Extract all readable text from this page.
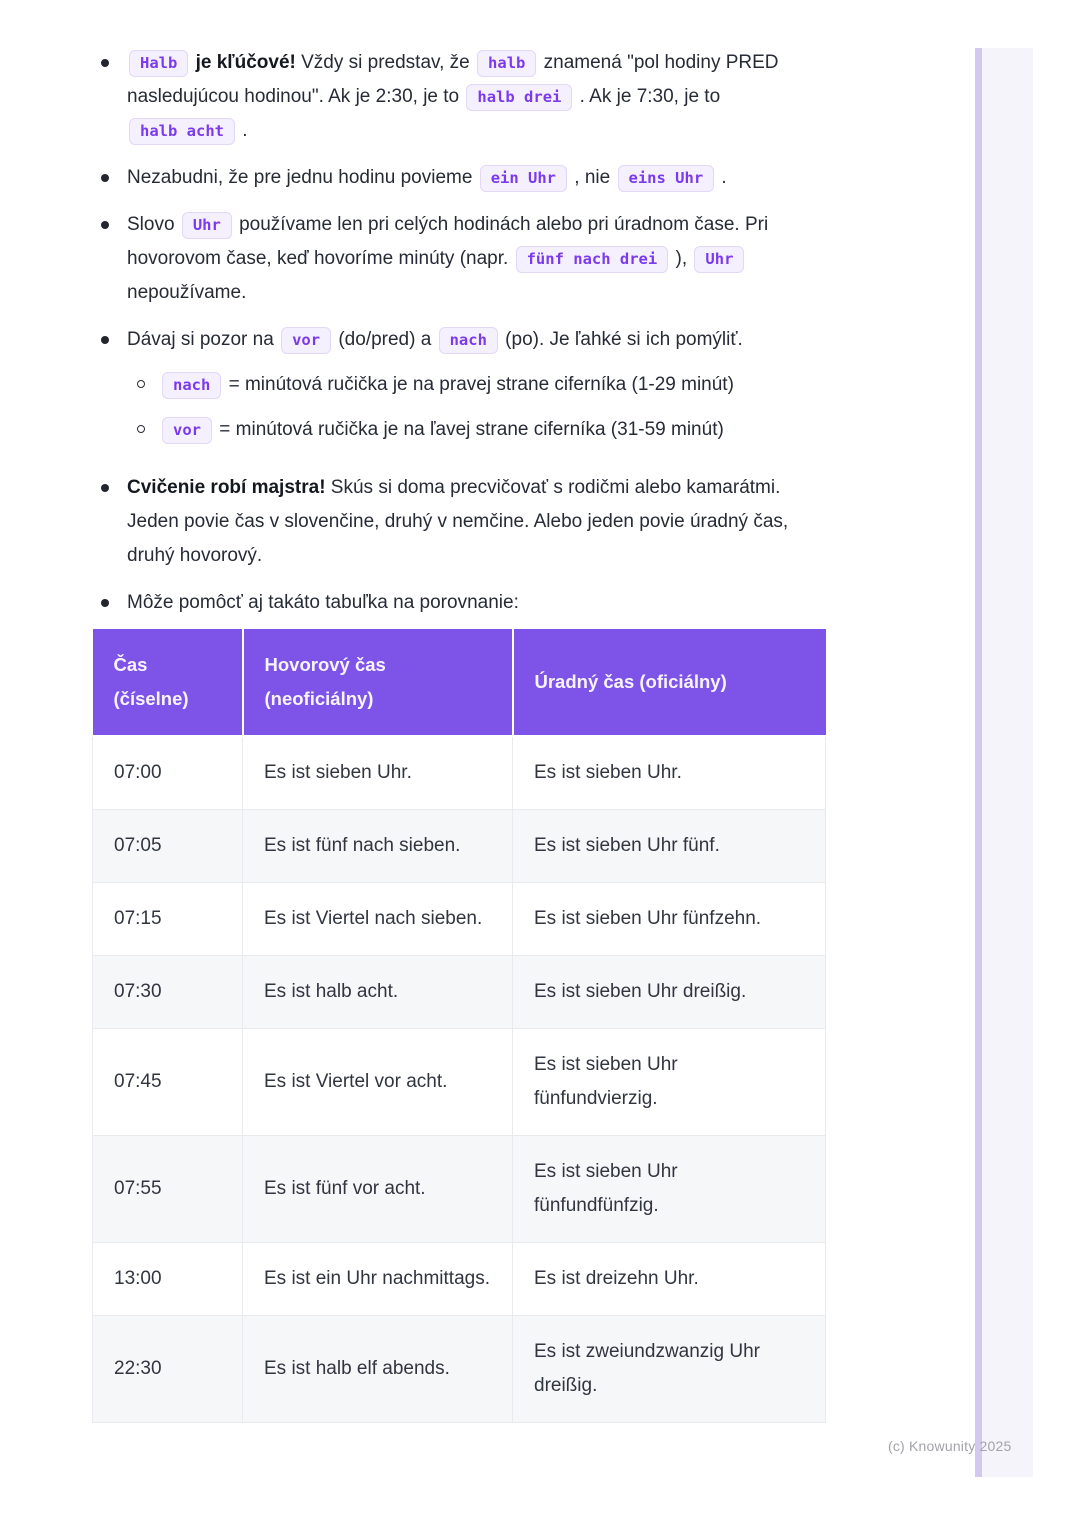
Halb je kľúčové! Vždy si predstav, že halb znamená "pol hodiny PRED nasledujúcou hodinou". Ak je 2:30, je to halb drei . Ak je 7:30, je to halb acht .
Nezabudni, že pre jednu hodinu povieme ein Uhr , nie eins Uhr .
Slovo Uhr používame len pri celých hodinách alebo pri úradnom čase. Pri hovorovom čase, keď hovoríme minúty (napr. fünf nach drei ), Uhr nepoužívame.
Dávaj si pozor na vor (do/pred) a nach (po). Je ľahké si ich pomýliť.
nach = minútová ručička je na pravej strane ciferníka (1-29 minút)
vor = minútová ručička je na ľavej strane ciferníka (31-59 minút)
Cvičenie robí majstra! Skús si doma precvičovať s rodičmi alebo kamarátmi. Jeden povie čas v slovenčine, druhý v nemčine. Alebo jeden povie úradný čas, druhý hovorový.
Môže pomôcť aj takáto tabuľka na porovnanie:
Čas (číselne)	Hovorový čas (neoficiálny)	Úradný čas (oficiálny)
07:00	Es ist sieben Uhr.	Es ist sieben Uhr.
07:05	Es ist fünf nach sieben.	Es ist sieben Uhr fünf.
07:15	Es ist Viertel nach sieben.	Es ist sieben Uhr fünfzehn.
07:30	Es ist halb acht.	Es ist sieben Uhr dreißig.
07:45	Es ist Viertel vor acht.	Es ist sieben Uhr fünfundvierzig.
07:55	Es ist fünf vor acht.	Es ist sieben Uhr fünfundfünfzig.
13:00	Es ist ein Uhr nachmittags.	Es ist dreizehn Uhr.
22:30	Es ist halb elf abends.	Es ist zweiundzwanzig Uhr dreißig.
(c) Knowunity 2025
